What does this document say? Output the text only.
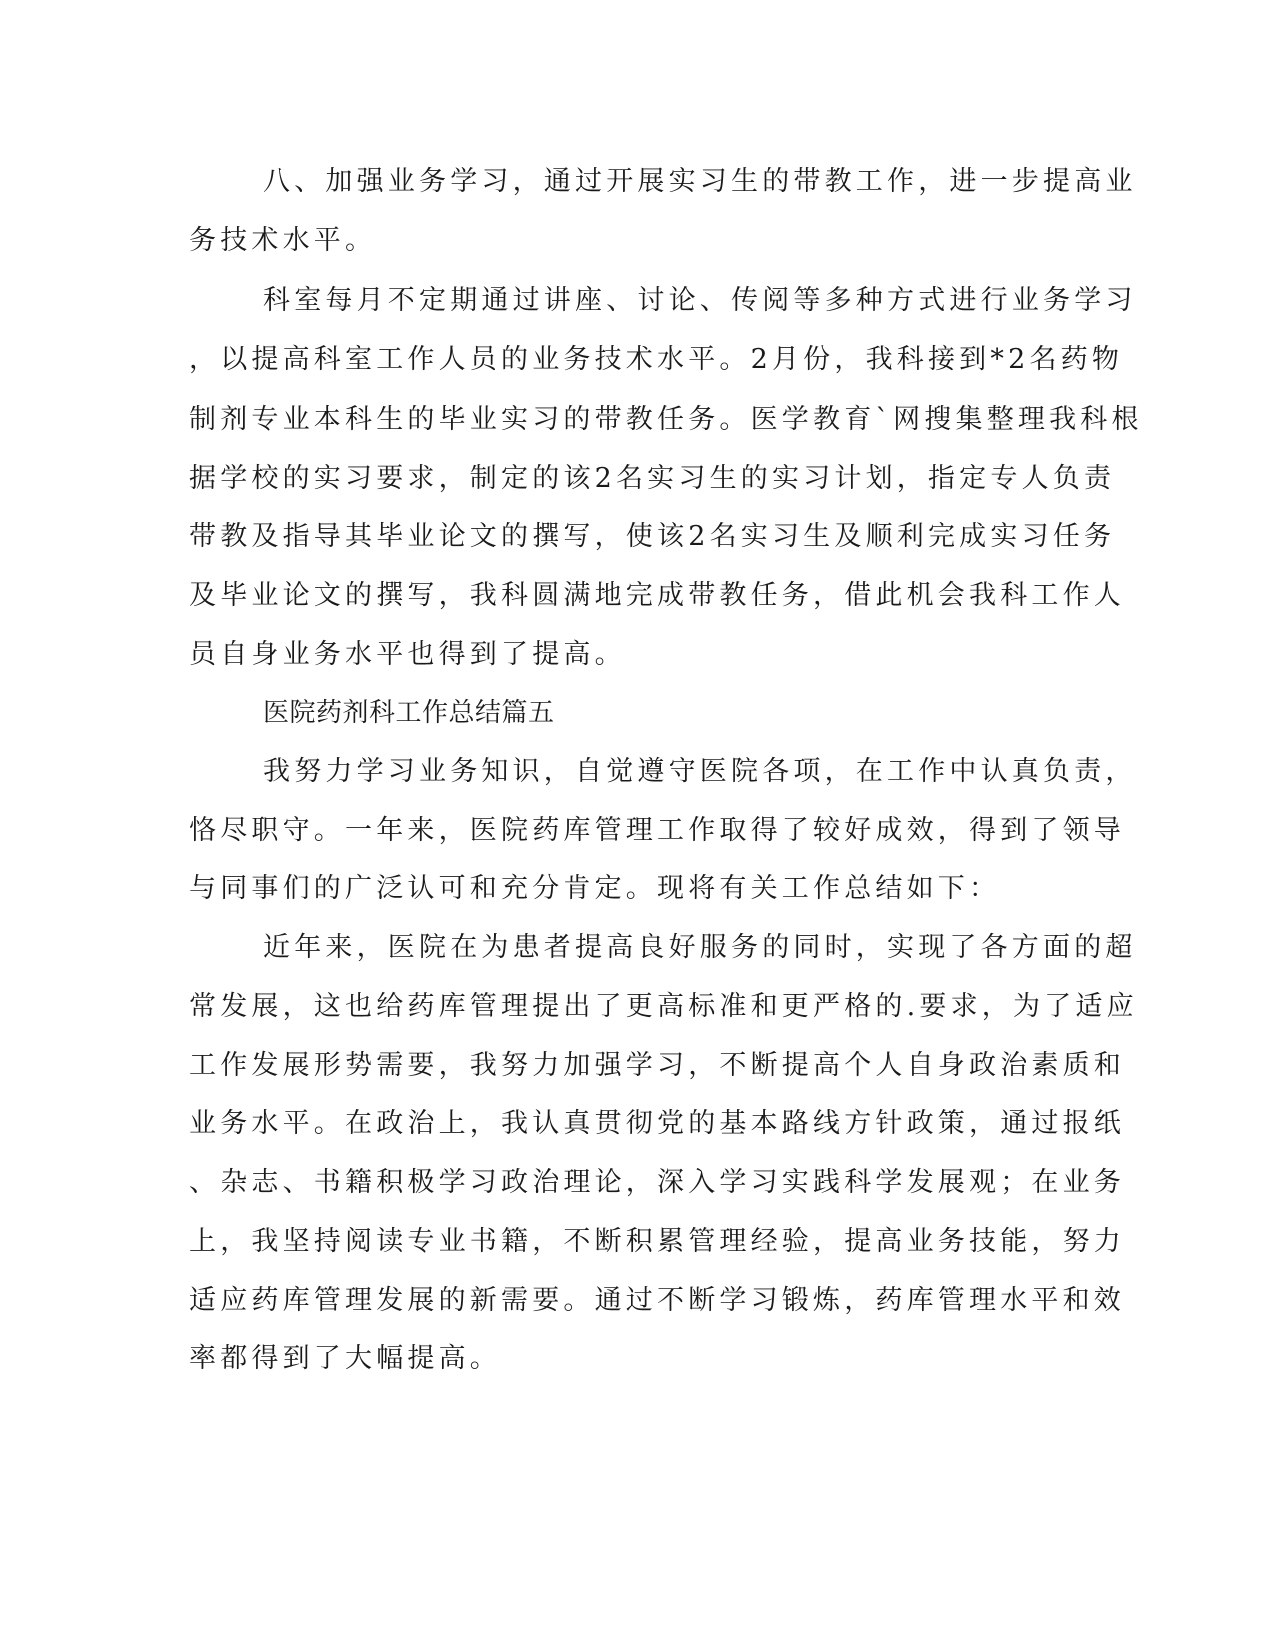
八、加强业务学习，通过开展实习生的带教工作，进一步提高业
务技术水平。
科室每月不定期通过讲座、讨论、传阅等多种方式进行业务学习
，以提高科室工作人员的业务技术水平。2月份，我科接到*2名药物
制剂专业本科生的毕业实习的带教任务。医学教育`网搜集整理我科根
据学校的实习要求，制定的该2名实习生的实习计划，指定专人负责
带教及指导其毕业论文的撰写，使该2名实习生及顺利完成实习任务
及毕业论文的撰写，我科圆满地完成带教任务，借此机会我科工作人
员自身业务水平也得到了提高。
医院药剂科工作总结篇五
我努力学习业务知识，自觉遵守医院各项，在工作中认真负责，
恪尽职守。一年来，医院药库管理工作取得了较好成效，得到了领导
与同事们的广泛认可和充分肯定。现将有关工作总结如下：
近年来，医院在为患者提高良好服务的同时，实现了各方面的超
常发展，这也给药库管理提出了更高标准和更严格的.要求，为了适应
工作发展形势需要，我努力加强学习，不断提高个人自身政治素质和
业务水平。在政治上，我认真贯彻党的基本路线方针政策，通过报纸
、杂志、书籍积极学习政治理论，深入学习实践科学发展观；在业务
上，我坚持阅读专业书籍，不断积累管理经验，提高业务技能，努力
适应药库管理发展的新需要。通过不断学习锻炼，药库管理水平和效
率都得到了大幅提高。
